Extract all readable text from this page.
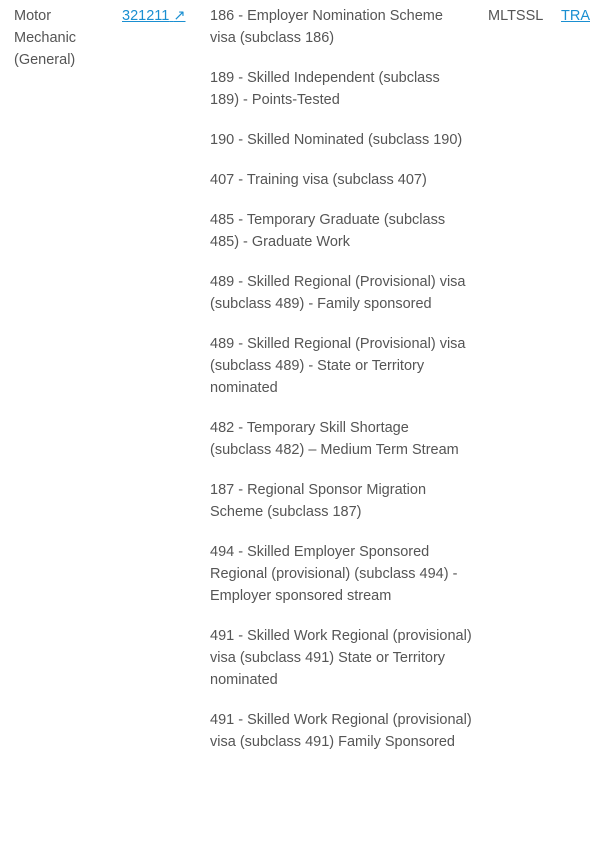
Motor Mechanic (General)
321211 ↗	186 - Employer Nomination Scheme visa (subclass 186)
189 - Skilled Independent (subclass 189) - Points-Tested
190 - Skilled Nominated (subclass 190)
407 - Training visa (subclass 407)
485 - Temporary Graduate (subclass 485) - Graduate Work
489 - Skilled Regional (Provisional) visa (subclass 489) - Family sponsored
489 - Skilled Regional (Provisional) visa (subclass 489) - State or Territory nominated
482 - Temporary Skill Shortage (subclass 482) – Medium Term Stream
187 - Regional Sponsor Migration Scheme (subclass 187)
494 - Skilled Employer Sponsored Regional (provisional) (subclass 494) - Employer sponsored stream
491 - Skilled Work Regional (provisional) visa (subclass 491) State or Territory nominated
491 - Skilled Work Regional (provisional) visa (subclass 491) Family Sponsored
MLTSSL	TRA
